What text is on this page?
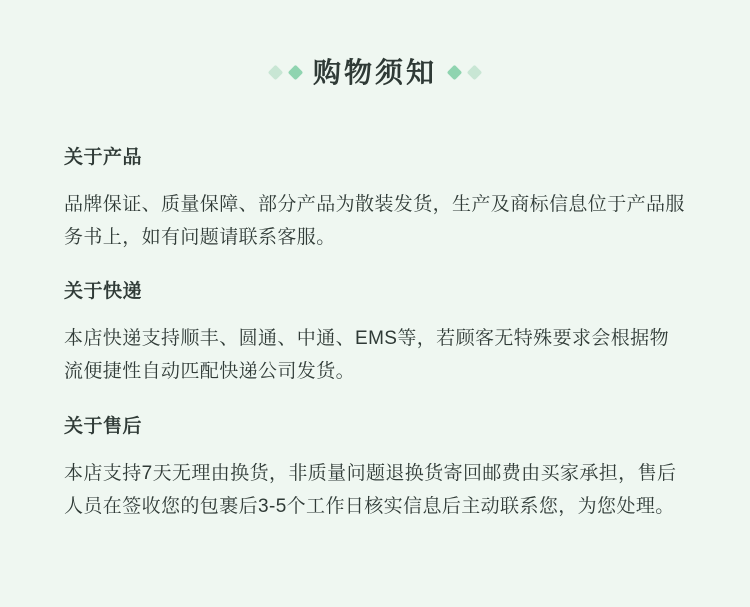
购物须知
关于产品

品牌保证、质量保障、部分产品为散装发货，生产及商标信息位于产品服务书上，如有问题请联系客服。

关于快递

本店快递支持顺丰、圆通、中通、EMS等，若顾客无特殊要求会根据物流便捷性自动匹配快递公司发货。

关于售后

本店支持7天无理由换货，非质量问题退换货寄回邮费由买家承担，售后人员在签收您的包裹后3-5个工作日核实信息后主动联系您，为您处理。
